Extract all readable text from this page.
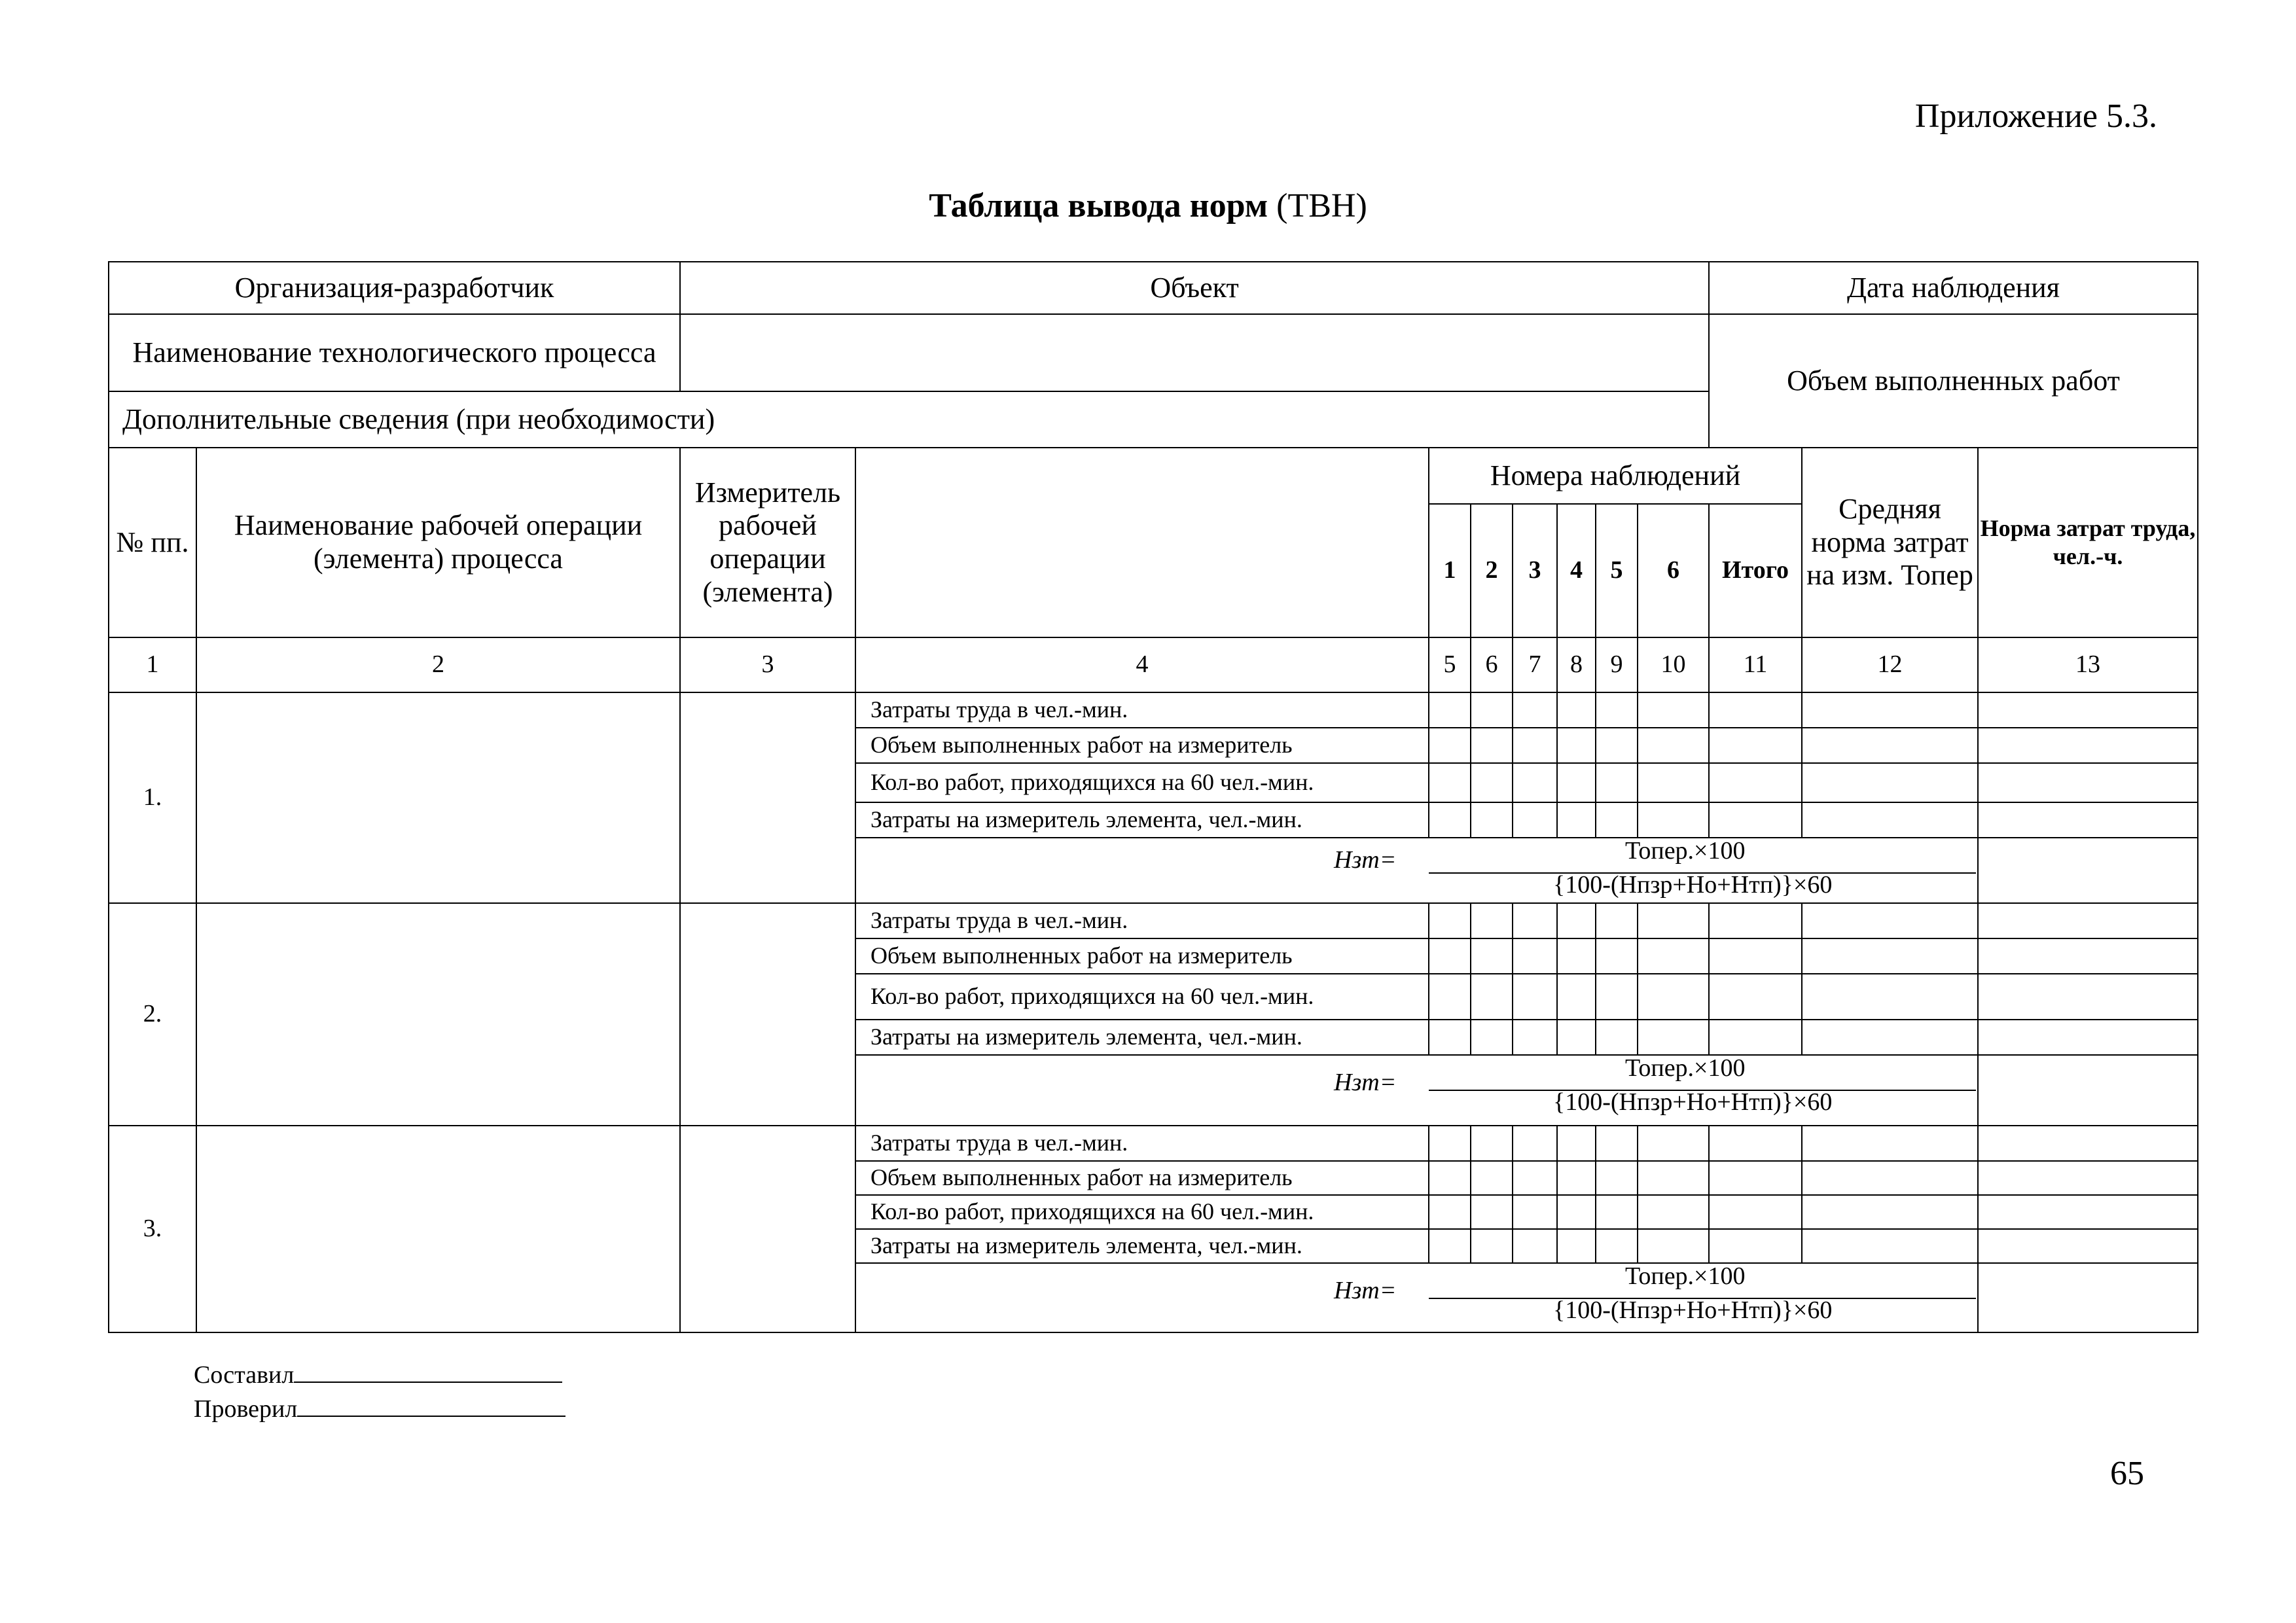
Приложение 5.3.
Таблица вывода норм (ТВН)
Организация-разработчик		Объект								Дата наблюдения		
Наименование технологического процесса										Объем выполненных работ		
Дополнительные сведения (при необходимости)												
№ пп.	Наименование рабочей операции (элемента) процесса	Измеритель рабочей операции (элемента)		Номера наблюдений							Средняя норма затрат на изм. Топер	Норма затрат труда, чел.-ч.
				1	2	3	4	5	6	Итого		
1	2	3	4	5	6	7	8	9	10	11	12	13
1.			Затраты труда в чел.-мин.									
			Объем выполненных работ на измеритель									
			Кол-во работ, приходящихся на 60 чел.-мин.									
			Затраты на измеритель элемента, чел.-мин.									

			Нзт= Топер.×100
{100-(Нпзр+Но+Нтп)}×60									

2.			Затраты труда в чел.-мин.									
			Объем выполненных работ на измеритель									
			Кол-во работ, приходящихся на 60 чел.-мин.									
			Затраты на измеритель элемента, чел.-мин.									

			Нзт=
Топер.×100
{100-(Нпзр+Но+Нтп)}×60									

3.			Затраты труда в чел.-мин.									
			Объем выполненных работ на измеритель									
			Кол-во работ, приходящихся на 60 чел.-мин.									
			Затраты на измеритель элемента, чел.-мин.									

			Нзт=
Топер.×100
{100-(Нпзр+Но+Нтп)}×60									

Составил
Проверил
65
